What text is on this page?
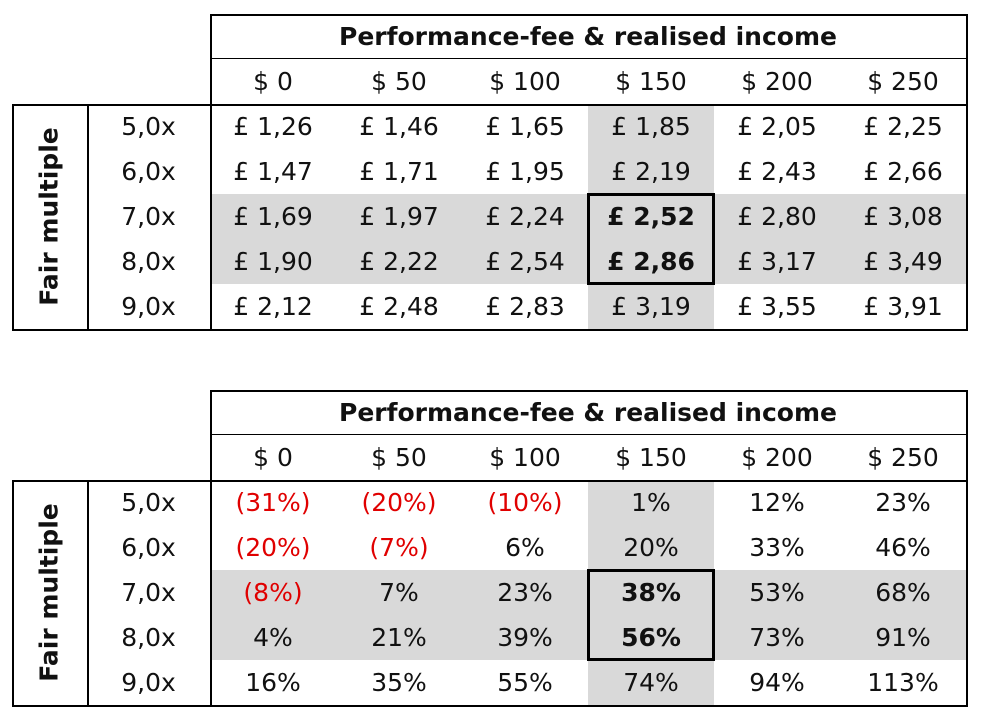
Performance-fee & realised income
$ 0	$ 50	$ 100	$ 150	$ 200	$ 250
Fair multiple
5,0x	£ 1,26	£ 1,46	£ 1,65	£ 1,85	£ 2,05	£ 2,25
6,0x	£ 1,47	£ 1,71	£ 1,95	£ 2,19	£ 2,43	£ 2,66
7,0x	£ 1,69	£ 1,97	£ 2,24	£ 2,52	£ 2,80	£ 3,08
8,0x	£ 1,90	£ 2,22	£ 2,54	£ 2,86	£ 3,17	£ 3,49
9,0x	£ 2,12	£ 2,48	£ 2,83	£ 3,19	£ 3,55	£ 3,91
Performance-fee & realised income
$ 0	$ 50	$ 100	$ 150	$ 200	$ 250
Fair multiple
5,0x	(31%)	(20%)	(10%)	1%	12%	23%
6,0x	(20%)	(7%)	6%	20%	33%	46%
7,0x	(8%)	7%	23%	38%	53%	68%
8,0x	4%	21%	39%	56%	73%	91%
9,0x	16%	35%	55%	74%	94%	113%
